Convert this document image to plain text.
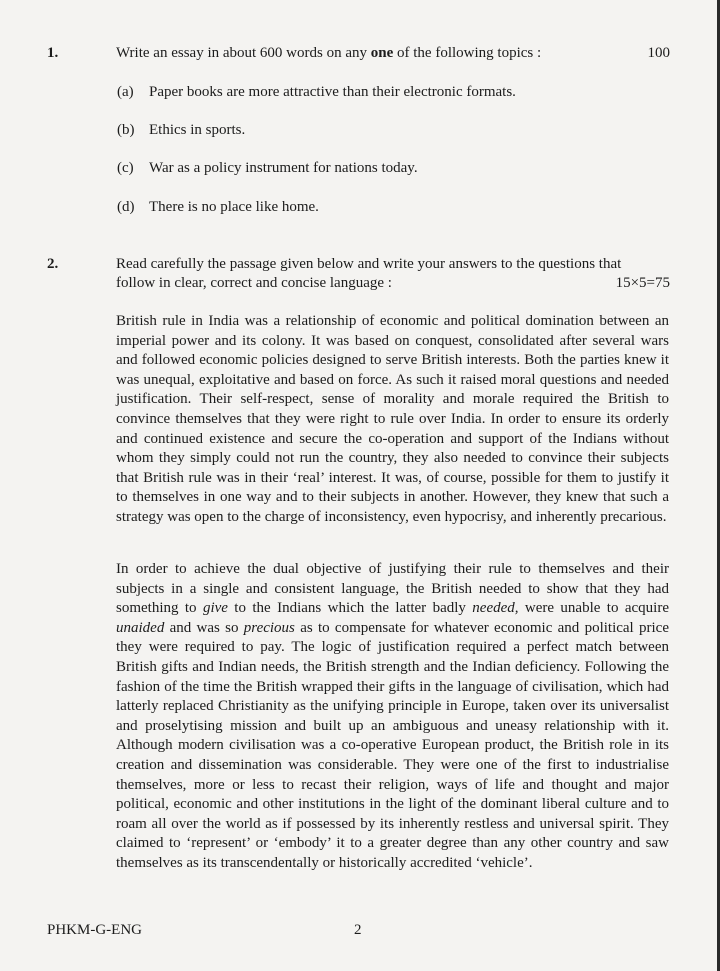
1.	Write an essay in about 600 words on any one of the following topics :	100
(a) Paper books are more attractive than their electronic formats.
(b) Ethics in sports.
(c) War as a policy instrument for nations today.
(d) There is no place like home.
2.	Read carefully the passage given below and write your answers to the questions that
follow in clear, correct and concise language :	15×5=75

British rule in India was a relationship of economic and political domination between an imperial power and its colony. It was based on conquest, consolidated after several wars and followed economic policies designed to serve British interests. Both the parties knew it was unequal, exploitative and based on force. As such it raised moral questions and needed justification. Their self-respect, sense of morality and morale required the British to convince themselves that they were right to rule over India. In order to ensure its orderly and continued existence and secure the co-operation and support of the Indians without whom they simply could not run the country, they also needed to convince their subjects that British rule was in their ‘real’ interest. It was, of course, possible for them to justify it to themselves in one way and to their subjects in another. However, they knew that such a strategy was open to the charge of inconsistency, even hypocrisy, and inherently precarious.

In order to achieve the dual objective of justifying their rule to themselves and their subjects in a single and consistent language, the British needed to show that they had something to give to the Indians which the latter badly needed, were unable to acquire unaided and was so precious as to compensate for whatever economic and political price they were required to pay. The logic of justification required a perfect match between British gifts and Indian needs, the British strength and the Indian deficiency. Following the fashion of the time the British wrapped their gifts in the language of civilisation, which had latterly replaced Christianity as the unifying principle in Europe, taken over its universalist and proselytising mission and built up an ambiguous and uneasy relationship with it. Although modern civilisation was a co-operative European product, the British role in its creation and dissemination was considerable. They were one of the first to industrialise themselves, more or less to recast their religion, ways of life and thought and major political, economic and other institutions in the light of the dominant liberal culture and to roam all over the world as if possessed by its inherently restless and universal spirit. They claimed to ‘represent’ or ‘embody’ it to a greater degree than any other country and saw themselves as its transcendentally or historically accredited ‘vehicle’.

PHKM-G-ENG	2
